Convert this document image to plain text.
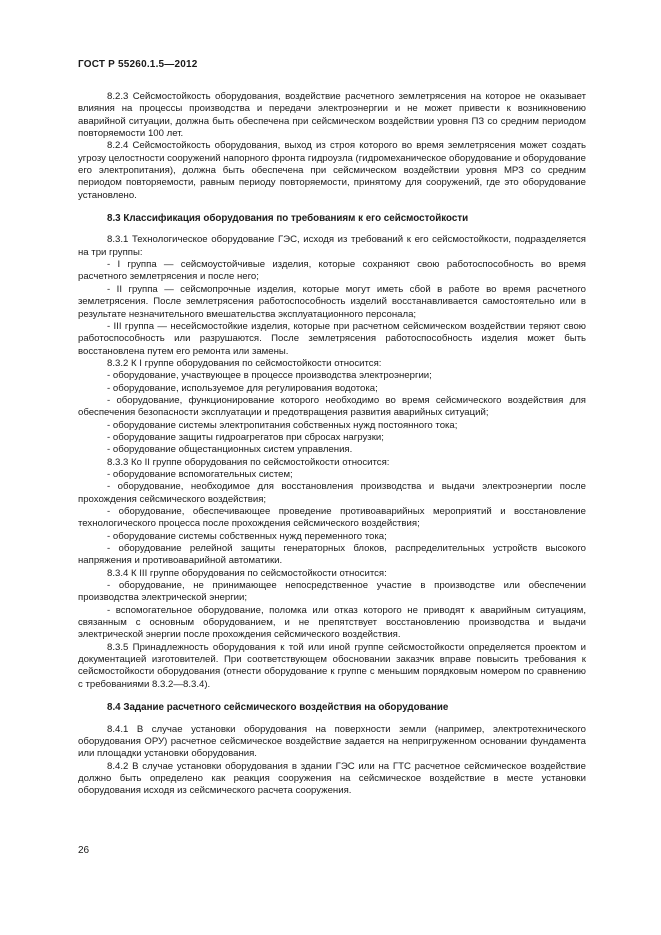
ГОСТ Р 55260.1.5—2012

8.2.3 Сейсмостойкость оборудования, воздействие расчетного землетрясения на которое не оказывает влияния на процессы производства и передачи электроэнергии и не может привести к возникновению аварийной ситуации, должна быть обеспечена при сейсмическом воздействии уровня ПЗ со средним периодом повторяемости 100 лет.

8.2.4 Сейсмостойкость оборудования, выход из строя которого во время землетрясения может создать угрозу целостности сооружений напорного фронта гидроузла (гидромеханическое оборудование и оборудование его электропитания), должна быть обеспечена при сейсмическом воздействии уровня МРЗ со средним периодом повторяемости, равным периоду повторяемости, принятому для сооружений, где это оборудование установлено.

8.3 Классификация оборудования по требованиям к его сейсмостойкости

8.3.1 Технологическое оборудование ГЭС, исходя из требований к его сейсмостойкости, подразделяется на три группы:

- I группа — сейсмоустойчивые изделия, которые сохраняют свою работоспособность во время расчетного землетрясения и после него;

- II группа — сейсмопрочные изделия, которые могут иметь сбой в работе во время расчетного землетрясения. После землетрясения работоспособность изделий восстанавливается самостоятельно или в результате незначительного вмешательства эксплуатационного персонала;

- III группа — несейсмостойкие изделия, которые при расчетном сейсмическом воздействии теряют свою работоспособность или разрушаются. После землетрясения работоспособность изделия может быть восстановлена путем его ремонта или замены.

8.3.2 К I группе оборудования по сейсмостойкости относится:

- оборудование, участвующее в процессе производства электроэнергии;

- оборудование, используемое для регулирования водотока;

- оборудование, функционирование которого необходимо во время сейсмического воздействия для обеспечения безопасности эксплуатации и предотвращения развития аварийных ситуаций;

- оборудование системы электропитания собственных нужд постоянного тока;

- оборудование защиты гидроагрегатов при сбросах нагрузки;

- оборудование общестанционных систем управления.

8.3.3 Ко II группе оборудования по сейсмостойкости относится:

- оборудование вспомогательных систем;

- оборудование, необходимое для восстановления производства и выдачи электроэнергии после прохождения сейсмического воздействия;

- оборудование, обеспечивающее проведение противоаварийных мероприятий и восстановление технологического процесса после прохождения сейсмического воздействия;

- оборудование системы собственных нужд переменного тока;

- оборудование релейной защиты генераторных блоков, распределительных устройств высокого напряжения и противоаварийной автоматики.

8.3.4 К III группе оборудования по сейсмостойкости относится:

- оборудование, не принимающее непосредственное участие в производстве или обеспечении производства электрической энергии;

- вспомогательное оборудование, поломка или отказ которого не приводят к аварийным ситуациям, связанным с основным оборудованием, и не препятствует восстановлению производства и выдачи электрической энергии после прохождения сейсмического воздействия.

8.3.5 Принадлежность оборудования к той или иной группе сейсмостойкости определяется проектом и документацией изготовителей. При соответствующем обосновании заказчик вправе повысить требования к сейсмостойкости оборудования (отнести оборудование к группе с меньшим порядковым номером по сравнению с требованиями 8.3.2—8.3.4).

8.4 Задание расчетного сейсмического воздействия на оборудование

8.4.1 В случае установки оборудования на поверхности земли (например, электротехнического оборудования ОРУ) расчетное сейсмическое воздействие задается на непригруженном основании фундамента или площадки установки оборудования.

8.4.2 В случае установки оборудования в здании ГЭС или на ГТС расчетное сейсмическое воздействие должно быть определено как реакция сооружения на сейсмическое воздействие в месте установки оборудования исходя из сейсмического расчета сооружения.

26
